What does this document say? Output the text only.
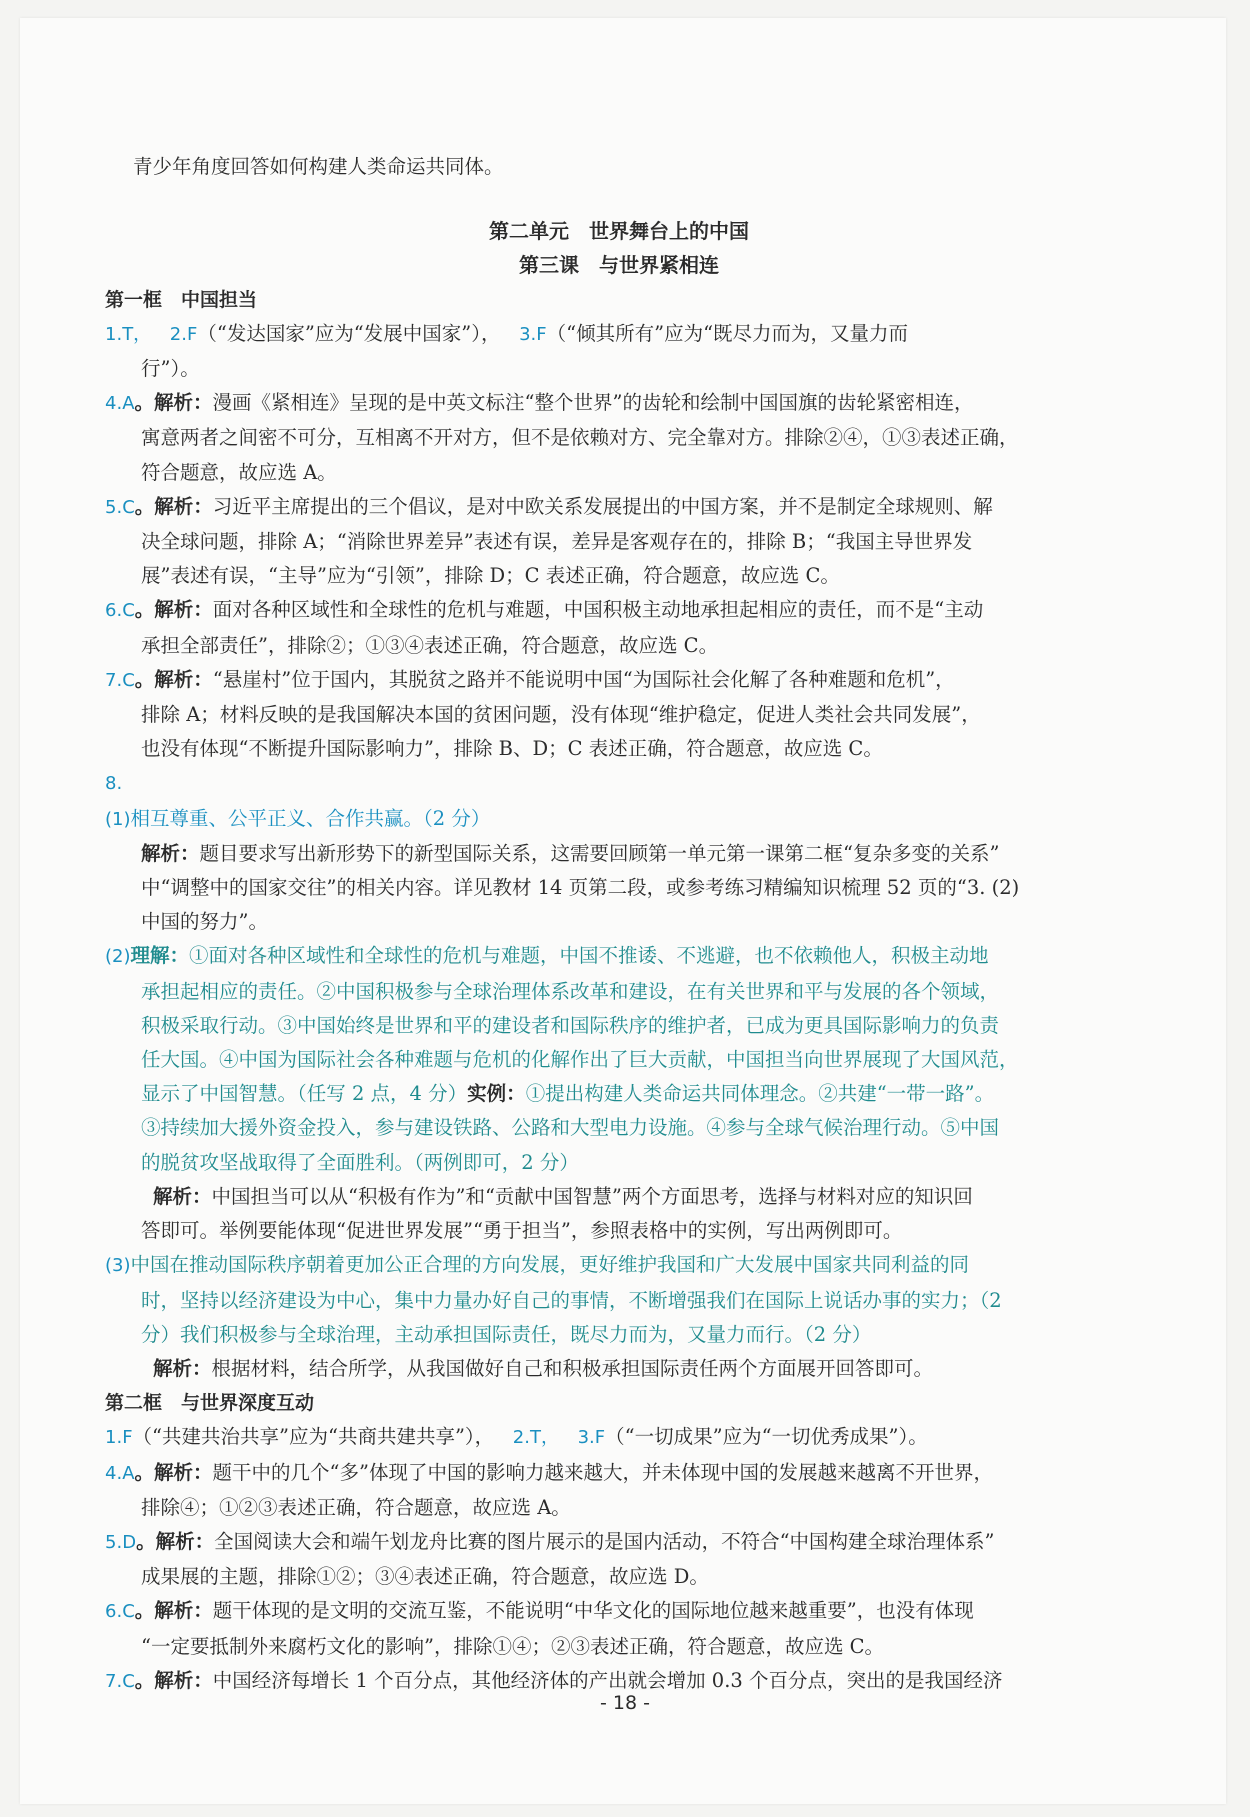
青少年角度回答如何构建人类命运共同体。
第二单元　世界舞台上的中国
第三课　与世界紧相连
第一框　中国担当
1.T， 2.F（“发达国家”应为“发展中国家”）， 3.F（“倾其所有”应为“既尽力而为，又量力而
行”）。
4.A。解析：漫画《紧相连》呈现的是中英文标注“整个世界”的齿轮和绘制中国国旗的齿轮紧密相连，
寓意两者之间密不可分，互相离不开对方，但不是依赖对方、完全靠对方。排除②④，①③表述正确，
符合题意，故应选 A。
5.C。解析：习近平主席提出的三个倡议，是对中欧关系发展提出的中国方案，并不是制定全球规则、解
决全球问题，排除 A；“消除世界差异”表述有误，差异是客观存在的，排除 B；“我国主导世界发
展”表述有误，“主导”应为“引领”，排除 D；C 表述正确，符合题意，故应选 C。
6.C。解析：面对各种区域性和全球性的危机与难题，中国积极主动地承担起相应的责任，而不是“主动
承担全部责任”，排除②；①③④表述正确，符合题意，故应选 C。
7.C。解析：“悬崖村”位于国内，其脱贫之路并不能说明中国“为国际社会化解了各种难题和危机”，
排除 A；材料反映的是我国解决本国的贫困问题，没有体现“维护稳定，促进人类社会共同发展”，
也没有体现“不断提升国际影响力”，排除 B、D；C 表述正确，符合题意，故应选 C。
8.
(1)相互尊重、公平正义、合作共赢。（2 分）
解析：题目要求写出新形势下的新型国际关系，这需要回顾第一单元第一课第二框“复杂多变的关系”
中“调整中的国家交往”的相关内容。详见教材 14 页第二段，或参考练习精编知识梳理 52 页的“3. (2)
中国的努力”。
(2)理解：①面对各种区域性和全球性的危机与难题，中国不推诿、不逃避，也不依赖他人，积极主动地
承担起相应的责任。②中国积极参与全球治理体系改革和建设，在有关世界和平与发展的各个领域，
积极采取行动。③中国始终是世界和平的建设者和国际秩序的维护者，已成为更具国际影响力的负责
任大国。④中国为国际社会各种难题与危机的化解作出了巨大贡献，中国担当向世界展现了大国风范，
显示了中国智慧。（任写 2 点，4 分）实例：①提出构建人类命运共同体理念。②共建“一带一路”。
③持续加大援外资金投入，参与建设铁路、公路和大型电力设施。④参与全球气候治理行动。⑤中国
的脱贫攻坚战取得了全面胜利。（两例即可，2 分）
解析：中国担当可以从“积极有作为”和“贡献中国智慧”两个方面思考，选择与材料对应的知识回
答即可。举例要能体现“促进世界发展”“勇于担当”，参照表格中的实例，写出两例即可。
(3)中国在推动国际秩序朝着更加公正合理的方向发展，更好维护我国和广大发展中国家共同利益的同
时，坚持以经济建设为中心，集中力量办好自己的事情，不断增强我们在国际上说话办事的实力；（2
分）我们积极参与全球治理，主动承担国际责任，既尽力而为，又量力而行。（2 分）
解析：根据材料，结合所学，从我国做好自己和积极承担国际责任两个方面展开回答即可。
第二框　与世界深度互动
1.F（“共建共治共享”应为“共商共建共享”）， 2.T， 3.F（“一切成果”应为“一切优秀成果”）。
4.A。解析：题干中的几个“多”体现了中国的影响力越来越大，并未体现中国的发展越来越离不开世界，
排除④；①②③表述正确，符合题意，故应选 A。
5.D。解析：全国阅读大会和端午划龙舟比赛的图片展示的是国内活动，不符合“中国构建全球治理体系”
成果展的主题，排除①②；③④表述正确，符合题意，故应选 D。
6.C。解析：题干体现的是文明的交流互鉴，不能说明“中华文化的国际地位越来越重要”，也没有体现
“一定要抵制外来腐朽文化的影响”，排除①④；②③表述正确，符合题意，故应选 C。
7.C。解析：中国经济每增长 1 个百分点，其他经济体的产出就会增加 0.3 个百分点，突出的是我国经济
- 18 -
